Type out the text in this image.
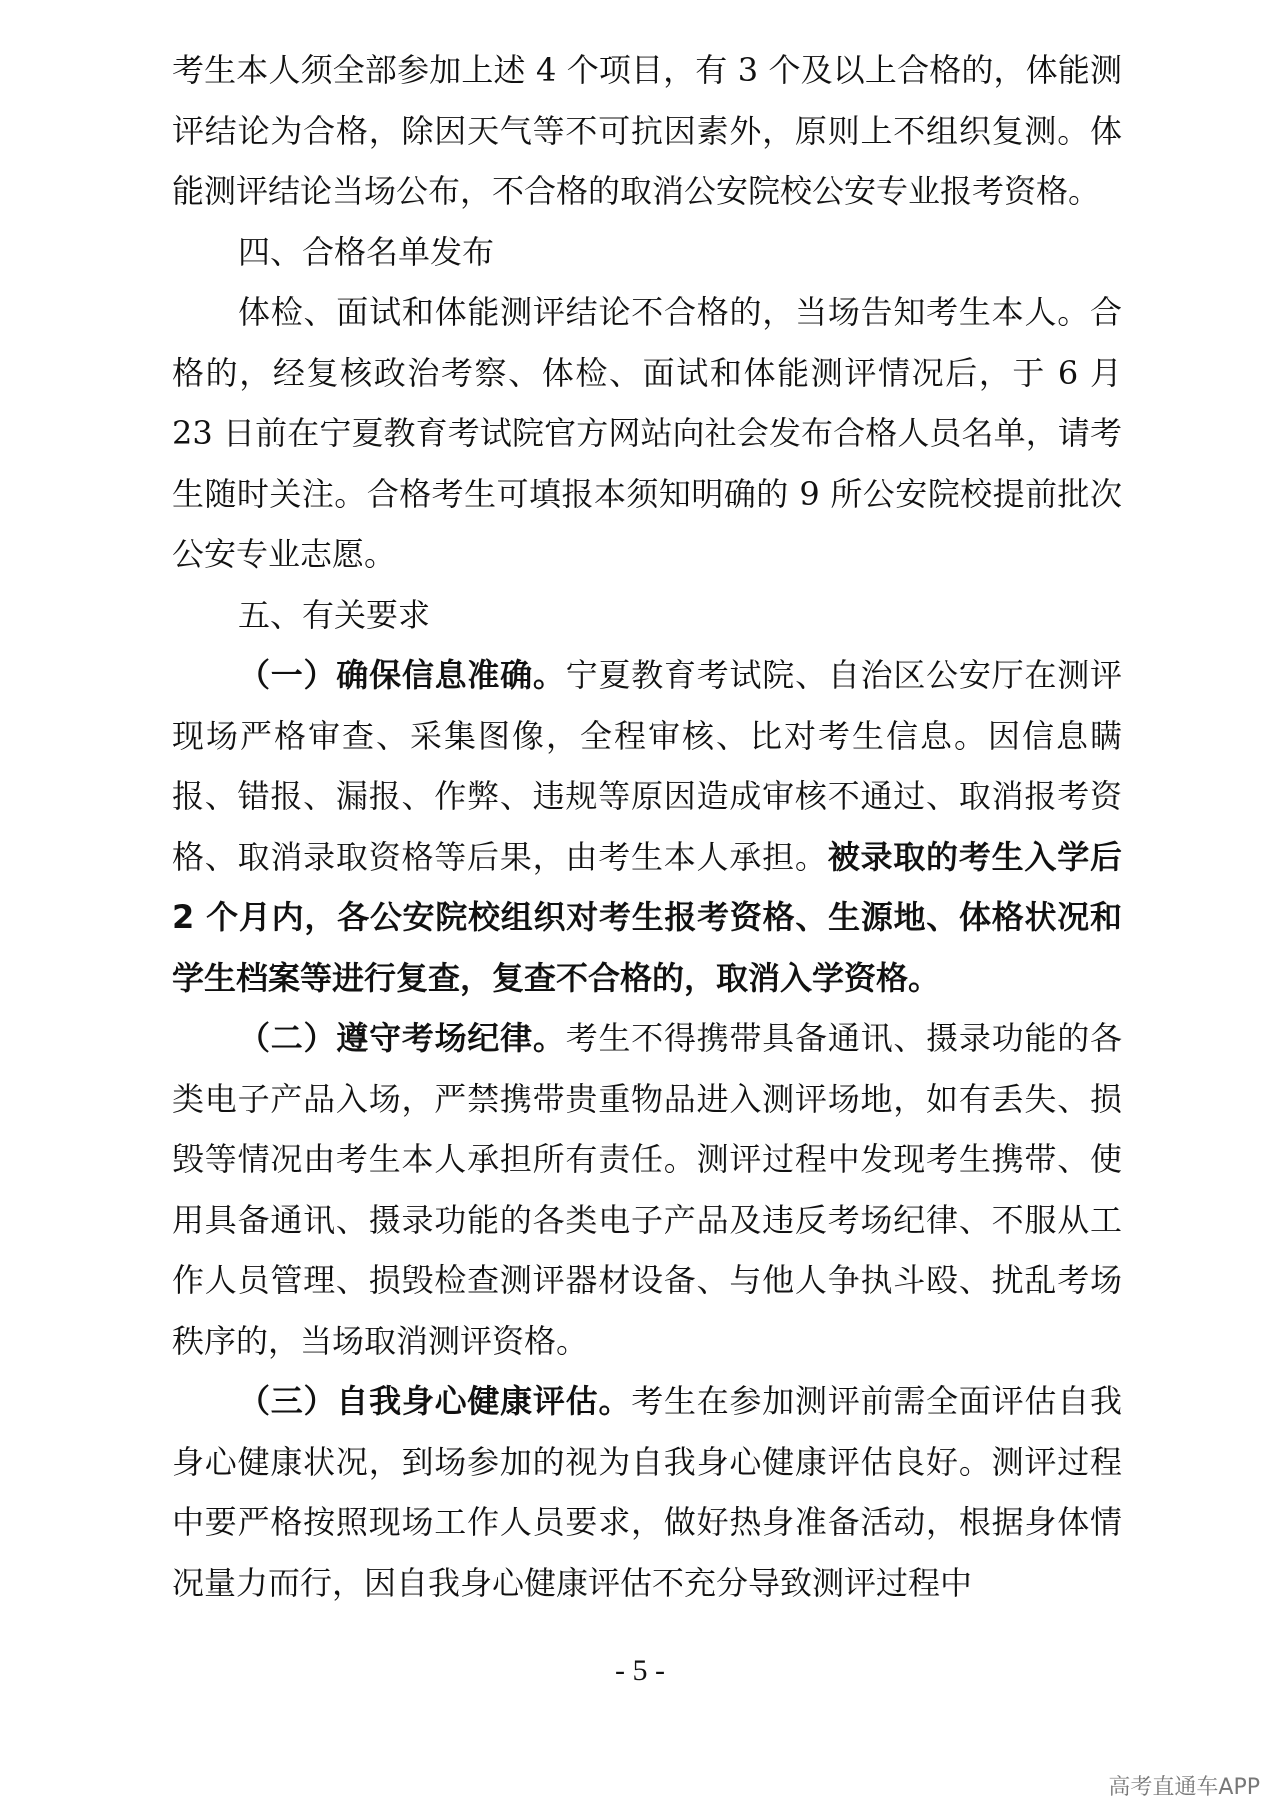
考生本人须全部参加上述 4 个项目，有 3 个及以上合格的，体能测评结论为合格，除因天气等不可抗因素外，原则上不组织复测。体能测评结论当场公布，不合格的取消公安院校公安专业报考资格。

四、合格名单发布

体检、面试和体能测评结论不合格的，当场告知考生本人。合格的，经复核政治考察、体检、面试和体能测评情况后，于 6 月 23 日前在宁夏教育考试院官方网站向社会发布合格人员名单，请考生随时关注。合格考生可填报本须知明确的 9 所公安院校提前批次公安专业志愿。

五、有关要求

（一）确保信息准确。宁夏教育考试院、自治区公安厅在测评现场严格审查、采集图像，全程审核、比对考生信息。因信息瞒报、错报、漏报、作弊、违规等原因造成审核不通过、取消报考资格、取消录取资格等后果，由考生本人承担。被录取的考生入学后 2 个月内，各公安院校组织对考生报考资格、生源地、体格状况和学生档案等进行复查，复查不合格的，取消入学资格。

（二）遵守考场纪律。考生不得携带具备通讯、摄录功能的各类电子产品入场，严禁携带贵重物品进入测评场地，如有丢失、损毁等情况由考生本人承担所有责任。测评过程中发现考生携带、使用具备通讯、摄录功能的各类电子产品及违反考场纪律、不服从工作人员管理、损毁检查测评器材设备、与他人争执斗殴、扰乱考场秩序的，当场取消测评资格。

（三）自我身心健康评估。考生在参加测评前需全面评估自我身心健康状况，到场参加的视为自我身心健康评估良好。测评过程中要严格按照现场工作人员要求，做好热身准备活动，根据身体情况量力而行，因自我身心健康评估不充分导致测评过程中

- 5 -
高考直通车APP
